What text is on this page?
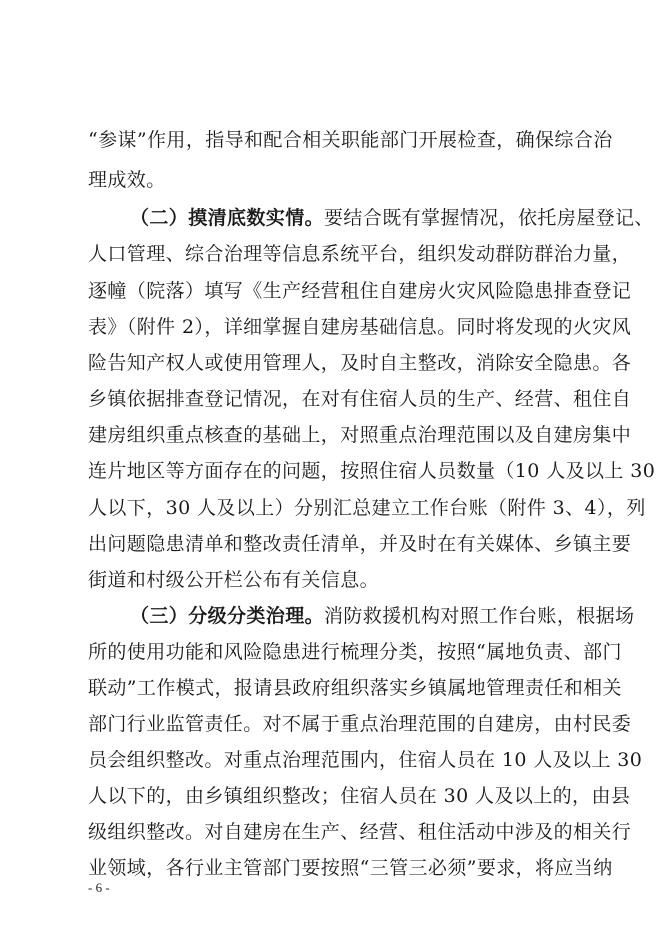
“参谋”作用，指导和配合相关职能部门开展检查，确保综合治
理成效。
（二）摸清底数实情。要结合既有掌握情况，依托房屋登记、
人口管理、综合治理等信息系统平台，组织发动群防群治力量，
逐幢（院落）填写《生产经营租住自建房火灾风险隐患排查登记
表》（附件 2），详细掌握自建房基础信息。同时将发现的火灾风
险告知产权人或使用管理人，及时自主整改，消除安全隐患。各
乡镇依据排查登记情况，在对有住宿人员的生产、经营、租住自
建房组织重点核查的基础上，对照重点治理范围以及自建房集中
连片地区等方面存在的问题，按照住宿人员数量（10 人及以上 30
人以下，30 人及以上）分别汇总建立工作台账（附件 3、4），列
出问题隐患清单和整改责任清单，并及时在有关媒体、乡镇主要
街道和村级公开栏公布有关信息。
（三）分级分类治理。消防救援机构对照工作台账，根据场
所的使用功能和风险隐患进行梳理分类，按照“属地负责、部门
联动”工作模式，报请县政府组织落实乡镇属地管理责任和相关
部门行业监管责任。对不属于重点治理范围的自建房，由村民委
员会组织整改。对重点治理范围内，住宿人员在 10 人及以上 30
人以下的，由乡镇组织整改；住宿人员在 30 人及以上的，由县
级组织整改。对自建房在生产、经营、租住活动中涉及的相关行
业领域，各行业主管部门要按照“三管三必须”要求，将应当纳
- 6 -
